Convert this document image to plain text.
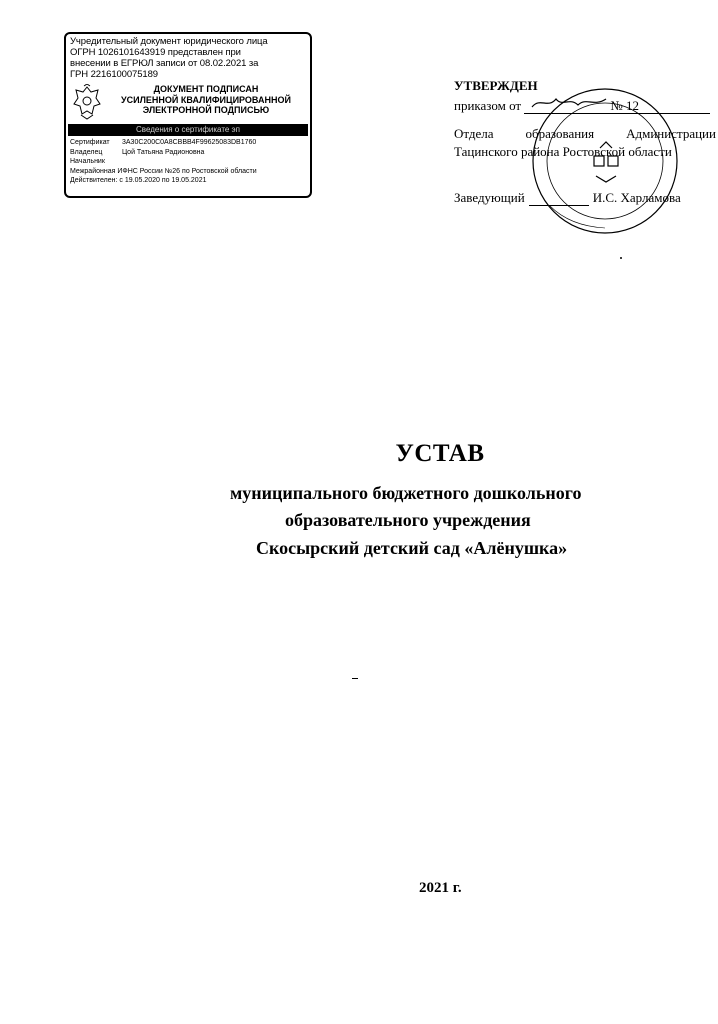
Учредительный документ юридического лица
ОГРН 1026101643919 представлен при
внесении в ЕГРЮЛ записи от 08.02.2021 за
ГРН 2216100075189
ДОКУМЕНТ ПОДПИСАН
УСИЛЕННОЙ КВАЛИФИЦИРОВАННОЙ
ЭЛЕКТРОННОЙ ПОДПИСЬЮ
Сведения о сертификате эп
Сертификат	3A30C200C0A8CBBB4F99625083DB1760
Владелец	Цой Татьяна Радионовна
Начальник
Межрайонная ИФНС России №26 по Ростовской области
Действителен: с 19.05.2020 по 19.05.2021
УТВЕРЖДЕН
приказом от	№ 12
Отдела образования Администрации
Тацинского района Ростовской области
Заведующий	И.С. Харламова
УСТАВ
муниципального бюджетного дошкольного
образовательного учреждения
Скосырский детский сад «Алёнушка»
2021 г.
